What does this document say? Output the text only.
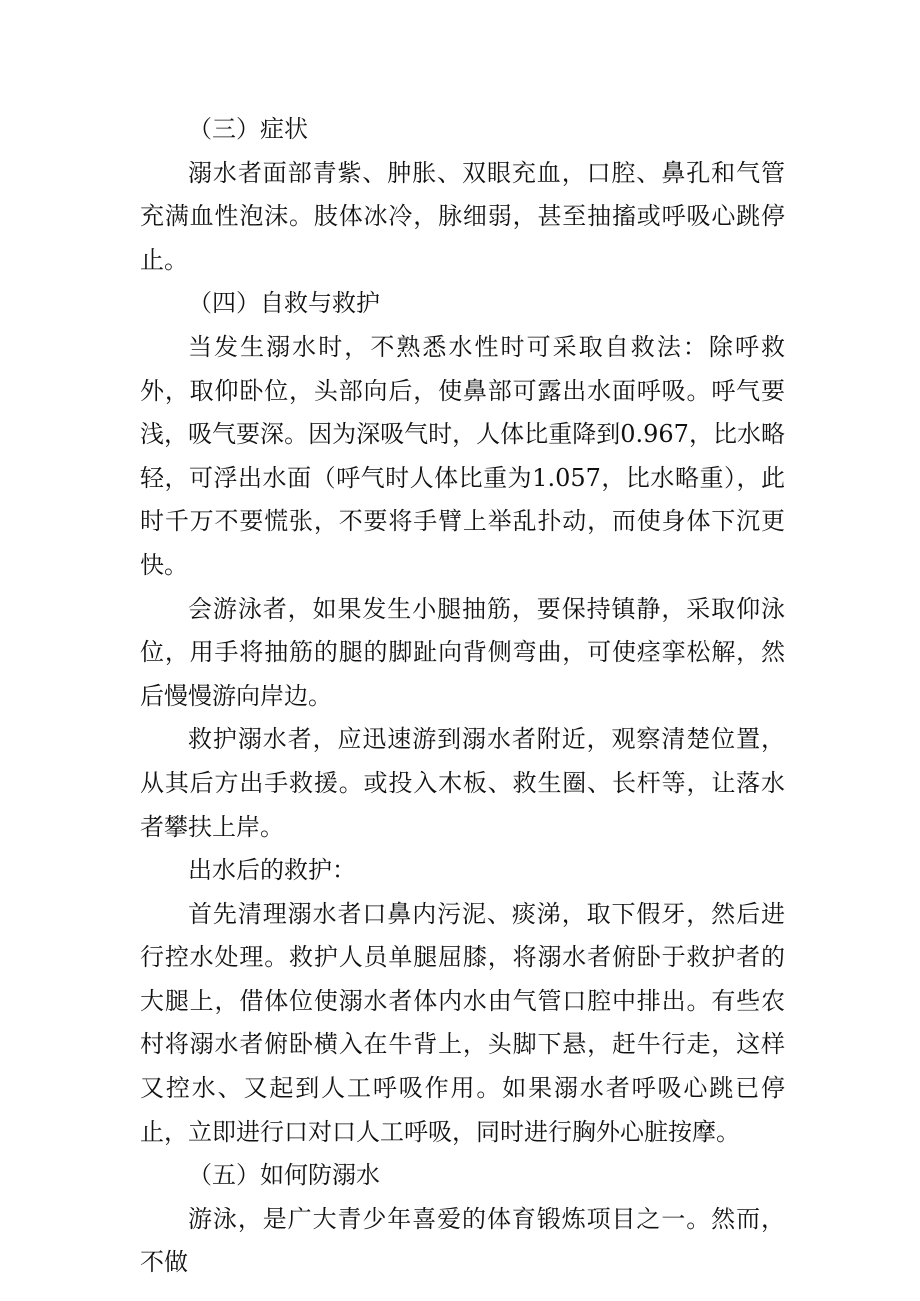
（三）症状

溺水者面部青紫、肿胀、双眼充血，口腔、鼻孔和气管充满血性泡沫。肢体冰冷，脉细弱，甚至抽搐或呼吸心跳停止。

（四）自救与救护

当发生溺水时，不熟悉水性时可采取自救法：除呼救外，取仰卧位，头部向后，使鼻部可露出水面呼吸。呼气要浅，吸气要深。因为深吸气时，人体比重降到0.967，比水略轻，可浮出水面（呼气时人体比重为1.057，比水略重），此时千万不要慌张，不要将手臂上举乱扑动，而使身体下沉更快。

会游泳者，如果发生小腿抽筋，要保持镇静，采取仰泳位，用手将抽筋的腿的脚趾向背侧弯曲，可使痉挛松解，然后慢慢游向岸边。

救护溺水者，应迅速游到溺水者附近，观察清楚位置，从其后方出手救援。或投入木板、救生圈、长杆等，让落水者攀扶上岸。

出水后的救护：

首先清理溺水者口鼻内污泥、痰涕，取下假牙，然后进行控水处理。救护人员单腿屈膝，将溺水者俯卧于救护者的大腿上，借体位使溺水者体内水由气管口腔中排出。有些农村将溺水者俯卧横入在牛背上，头脚下悬，赶牛行走，这样又控水、又起到人工呼吸作用。如果溺水者呼吸心跳已停止，立即进行口对口人工呼吸，同时进行胸外心脏按摩。

（五）如何防溺水

游泳，是广大青少年喜爱的体育锻炼项目之一。然而，不做
